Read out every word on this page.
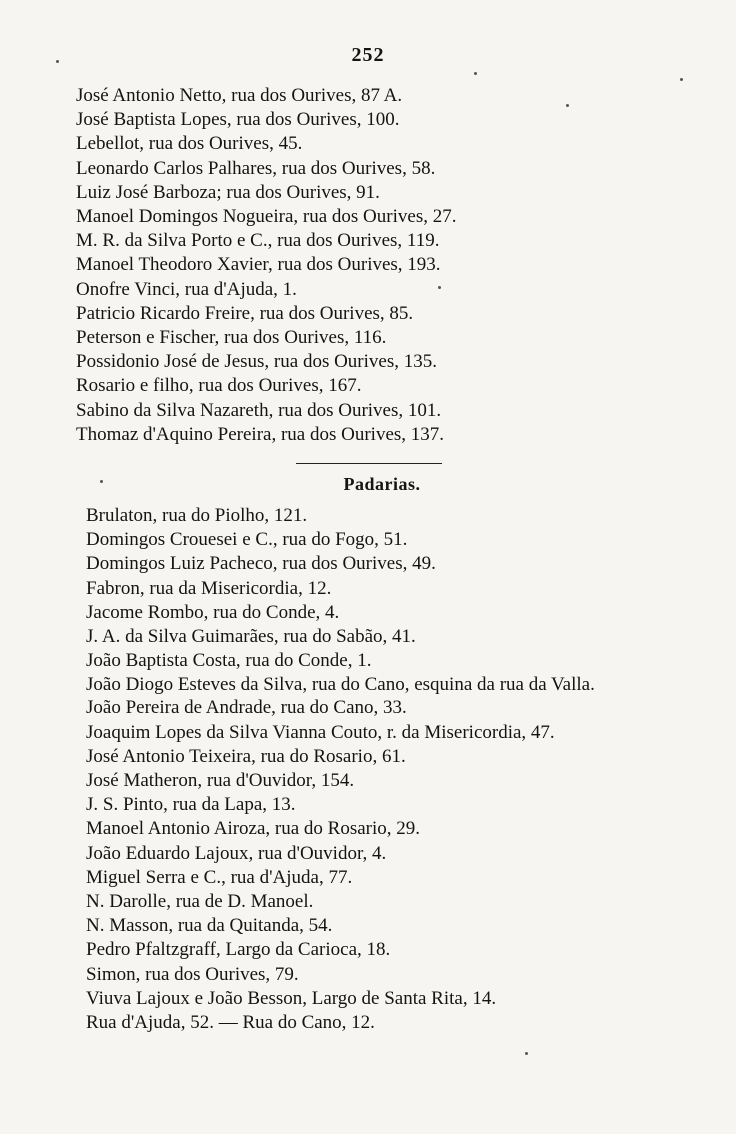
252
José Antonio Netto, rua dos Ourives, 87 A.
José Baptista Lopes, rua dos Ourives, 100.
Lebellot, rua dos Ourives, 45.
Leonardo Carlos Palhares, rua dos Ourives, 58.
Luiz José Barboza; rua dos Ourives, 91.
Manoel Domingos Nogueira, rua dos Ourives, 27.
M. R. da Silva Porto e C., rua dos Ourives, 119.
Manoel Theodoro Xavier, rua dos Ourives, 193.
Onofre Vinci, rua d'Ajuda, 1.
Patricio Ricardo Freire, rua dos Ourives, 85.
Peterson e Fischer, rua dos Ourives, 116.
Possidonio José de Jesus, rua dos Ourives, 135.
Rosario e filho, rua dos Ourives, 167.
Sabino da Silva Nazareth, rua dos Ourives, 101.
Thomaz d'Aquino Pereira, rua dos Ourives, 137.
Padarias.
Brulaton, rua do Piolho, 121.
Domingos Crouesei e C., rua do Fogo, 51.
Domingos Luiz Pacheco, rua dos Ourives, 49.
Fabron, rua da Misericordia, 12.
Jacome Rombo, rua do Conde, 4.
J. A. da Silva Guimarães, rua do Sabão, 41.
João Baptista Costa, rua do Conde, 1.
João Diogo Esteves da Silva, rua do Cano, esquina da rua da Valla.
João Pereira de Andrade, rua do Cano, 33.
Joaquim Lopes da Silva Vianna Couto, r. da Misericordia, 47.
José Antonio Teixeira, rua do Rosario, 61.
José Matheron, rua d'Ouvidor, 154.
J. S. Pinto, rua da Lapa, 13.
Manoel Antonio Airoza, rua do Rosario, 29.
João Eduardo Lajoux, rua d'Ouvidor, 4.
Miguel Serra e C., rua d'Ajuda, 77.
N. Darolle, rua de D. Manoel.
N. Masson, rua da Quitanda, 54.
Pedro Pfaltzgraff, Largo da Carioca, 18.
Simon, rua dos Ourives, 79.
Viuva Lajoux e João Besson, Largo de Santa Rita, 14.
Rua d'Ajuda, 52. — Rua do Cano, 12.
